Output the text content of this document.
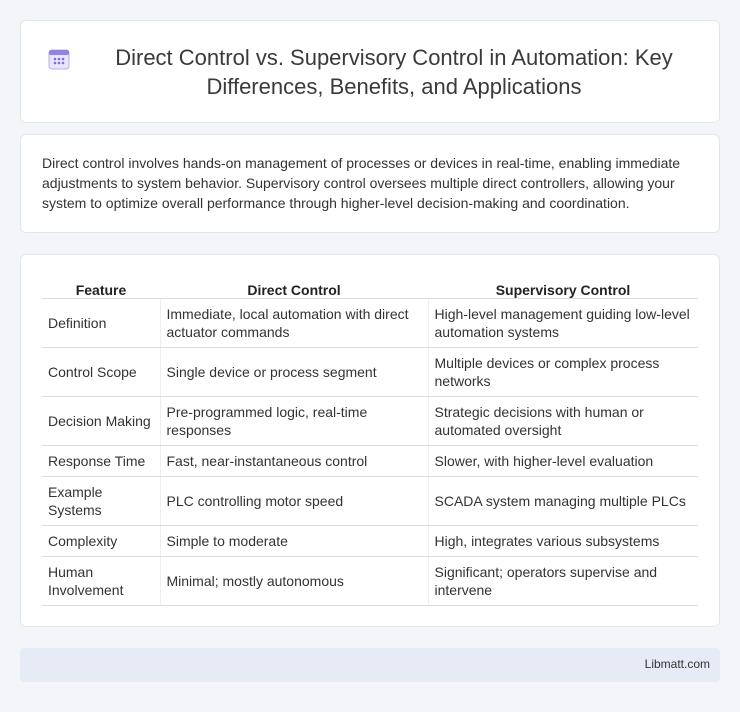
Direct Control vs. Supervisory Control in Automation: Key Differences, Benefits, and Applications

Direct control involves hands-on management of processes or devices in real-time, enabling immediate adjustments to system behavior. Supervisory control oversees multiple direct controllers, allowing your system to optimize overall performance through higher-level decision-making and coordination.

Feature	Direct Control	Supervisory Control
Definition	Immediate, local automation with direct actuator commands	High-level management guiding low-level automation systems
Control Scope	Single device or process segment	Multiple devices or complex process networks
Decision Making	Pre-programmed logic, real-time responses	Strategic decisions with human or automated oversight
Response Time	Fast, near-instantaneous control	Slower, with higher-level evaluation
Example Systems	PLC controlling motor speed	SCADA system managing multiple PLCs
Complexity	Simple to moderate	High, integrates various subsystems
Human Involvement	Minimal; mostly autonomous	Significant; operators supervise and intervene
Libmatt.com
